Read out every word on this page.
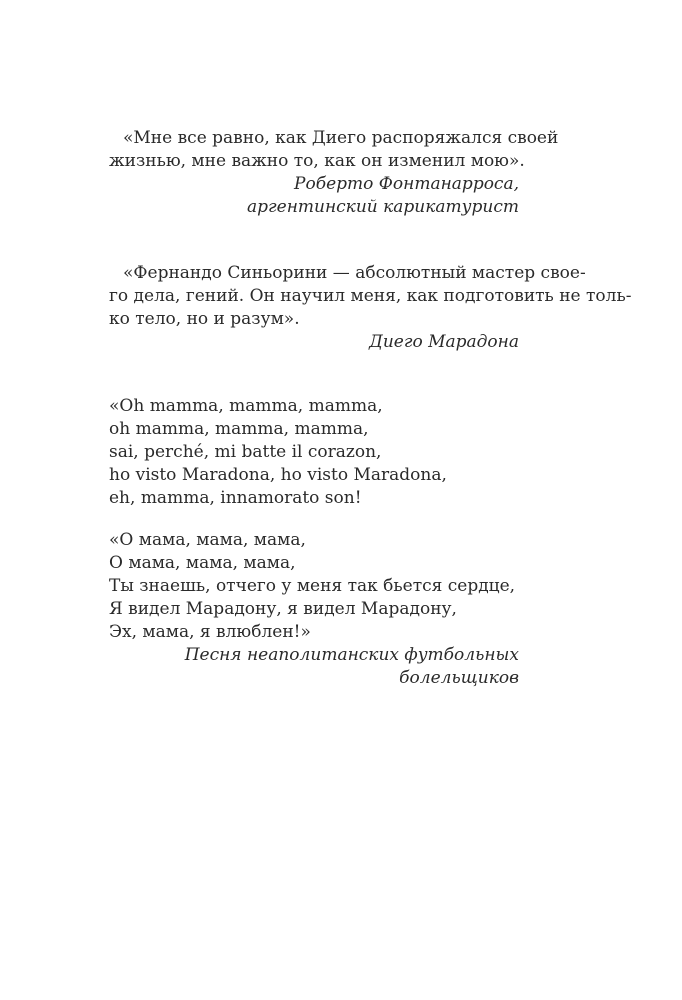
«Мне все равно, как Диего распоряжался своей
жизнью, мне важно то, как он изменил мою».
Роберто Фонтанарроса,
аргентинский карикатурист
«Фернандо Синьорини — абсолютный мастер свое-
го дела, гений. Он научил меня, как подготовить не толь-
ко тело, но и разум».
Диего Марадона
«Oh mamma, mamma, mamma,
oh mamma, mamma, mamma,
sai, perché, mi batte il corazon,
ho visto Maradona, ho visto Maradona,
eh, mamma, innamorato son!
«О мама, мама, мама,
О мама, мама, мама,
Ты знаешь, отчего у меня так бьется сердце,
Я видел Марадону, я видел Марадону,
Эх, мама, я влюблен!»
Песня неаполитанских футбольных
болельщиков
